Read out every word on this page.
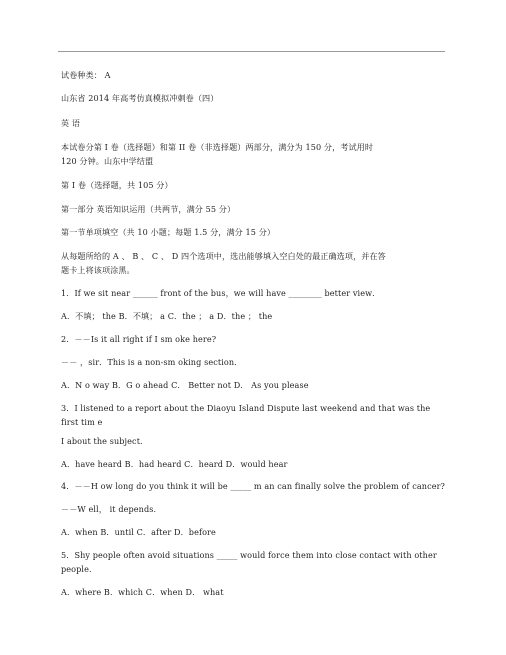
试卷种类： A
山东省 2014 年高考仿真模拟冲刺卷（四）
英 语
本试卷分第 I 卷（选择题）和第 II 卷（非选择题）两部分，满分为 150 分，考试用时
120 分钟。山东中学结盟
第 I 卷（选择题，共 105 分）
第一部分 英语知识运用（共两节，满分 55 分）
第一节单项填空（共 10 小题；每题 1.5 分，满分 15 分）
从每题所给的 A 、 B 、 C 、 D 四个选项中，选出能够填入空白处的最正确选项，并在答
题卡上将该项涂黑。
1．If we sit near ______ front of the bus，we will have ________ better view．
A．不填； the B．不填； a C．the ； a D．the ； the
2．－－Is it all right if I sm oke here?
－－ ，sir．This is a non-sm oking section．
A．N o way B．G o ahead C． Better not D． As you please
3．I listened to a report about the Diaoyu Island Dispute last weekend and that was the
first tim e
I about the subject．
A．have heard B．had heard C．heard D．would hear
4．－－H ow long do you think it will be _____ m an can finally solve the problem of cancer?
－－W ell， it depends．
A．when B．until C．after D．before
5．Shy people often avoid situations _____ would force them into close contact with other
people．
A．where B．which C．when D． what
